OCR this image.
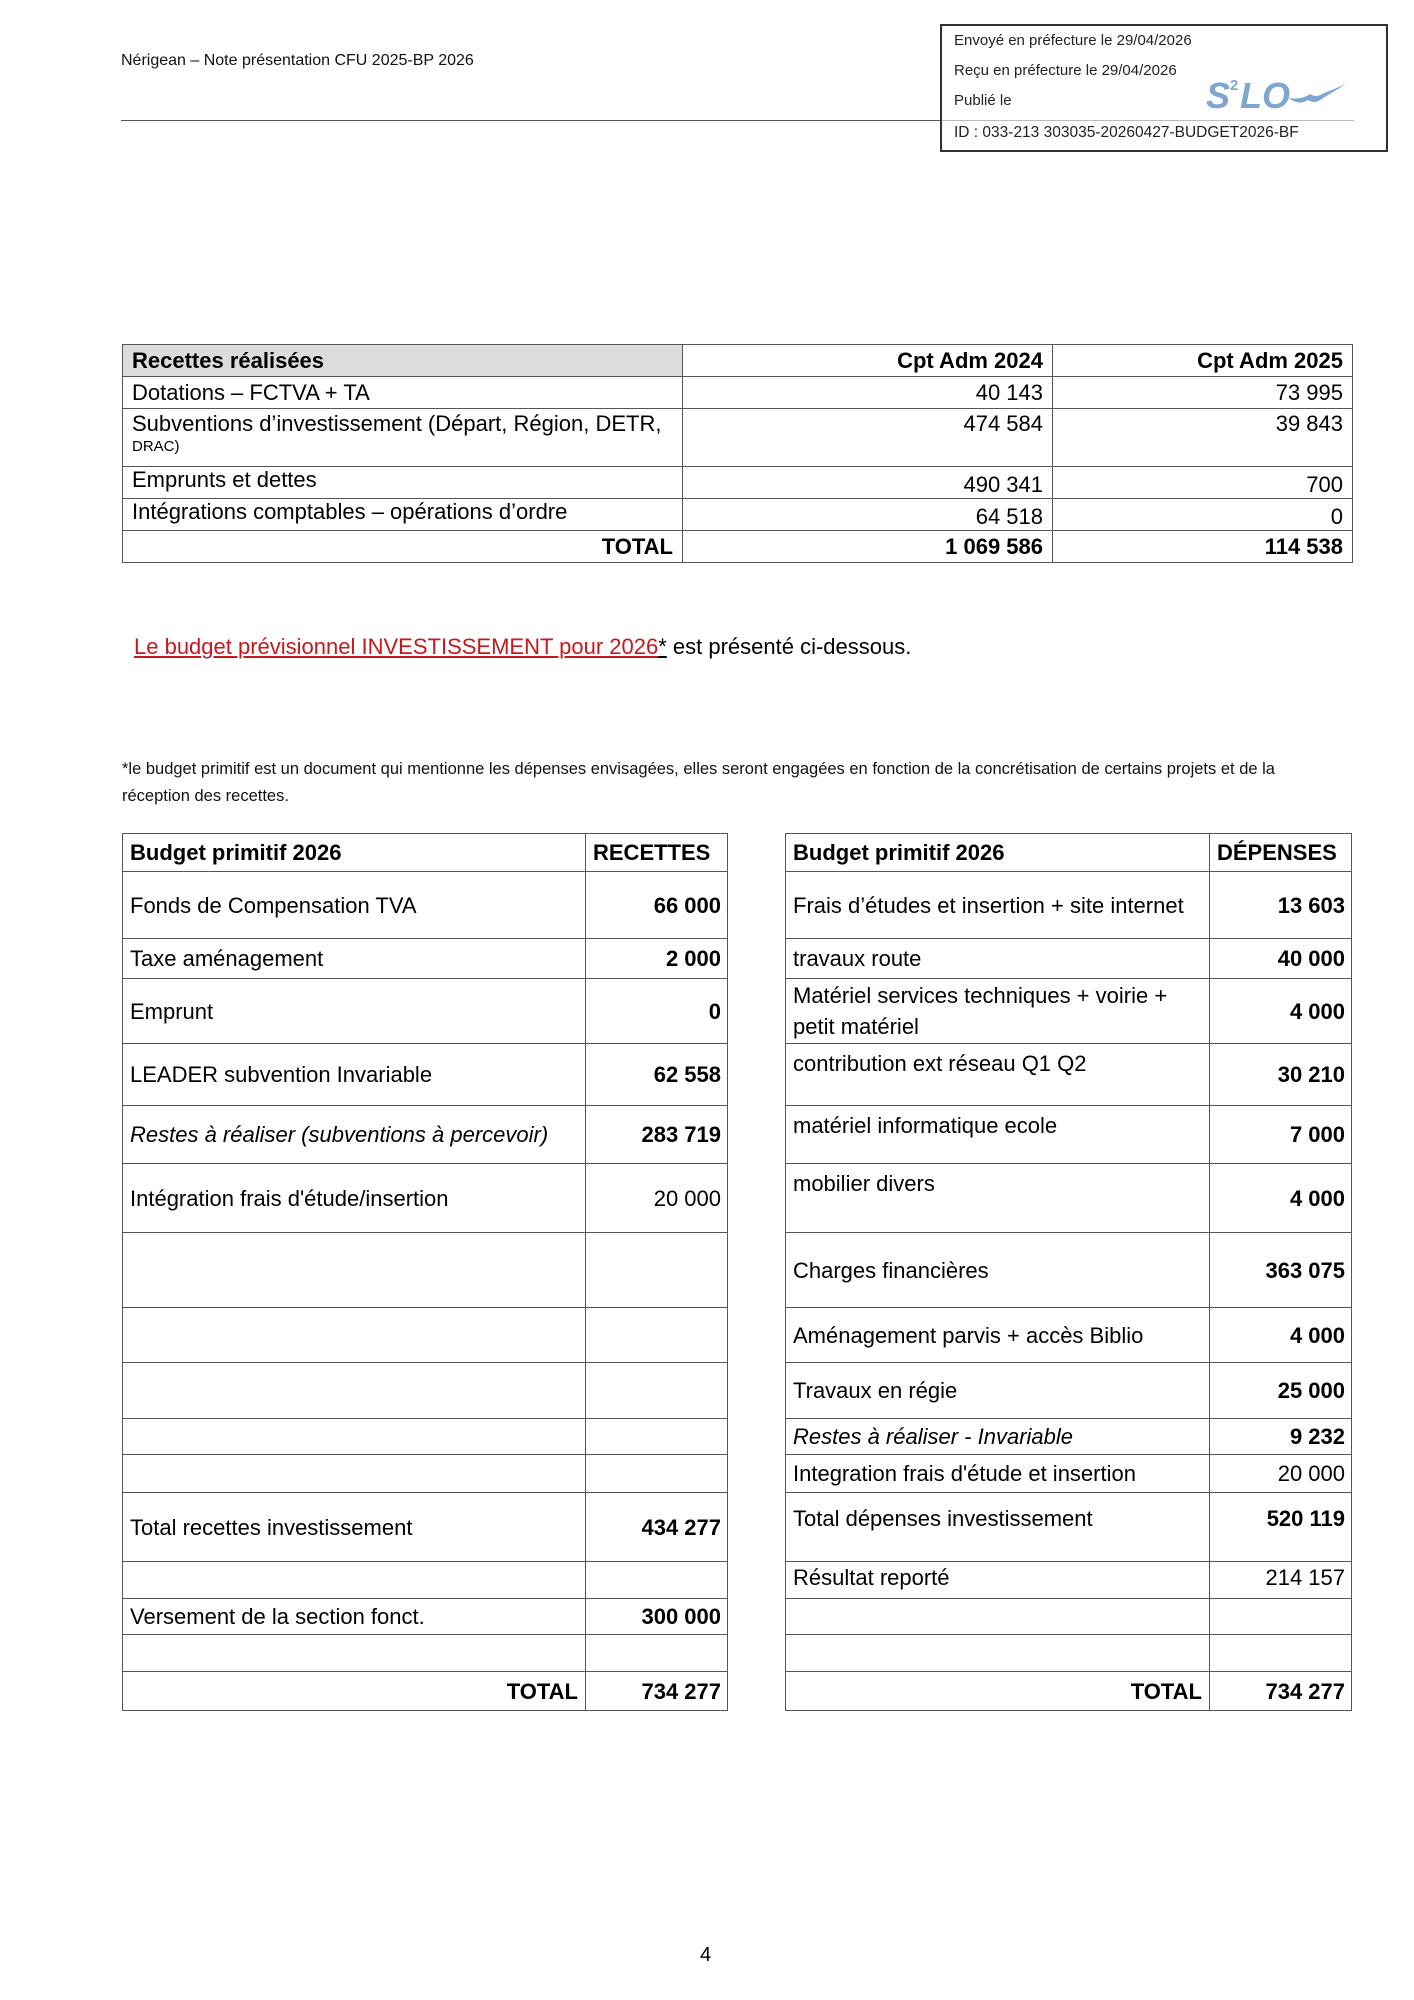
Nérigean – Note présentation CFU 2025-BP 2026
Envoyé en préfecture le 29/04/2026
Reçu en préfecture le 29/04/2026
Publié le	S 2 LO
ID : 033-213 303035-20260427-BUDGET2026-BF
Recettes réalisées	Cpt Adm 2024	Cpt Adm 2025
Dotations – FCTVA + TA	40 143	73 995
Subventions d’investissement (Départ, Région, DETR,
DRAC)	474 584	39 843
Emprunts et dettes	490 341	700
Intégrations comptables – opérations d’ordre	64 518	0
TOTAL	1 069 586	114 538
Le budget prévisionnel INVESTISSEMENT pour 2026* est présenté ci-dessous.
*le budget primitif est un document qui mentionne les dépenses envisagées, elles seront engagées en fonction de la concrétisation de certains projets et de la réception des recettes.
Budget primitif 2026	RECETTES
Fonds de Compensation TVA	66 000
Taxe aménagement	2 000
Emprunt	0
LEADER subvention Invariable	62 558
Restes à réaliser (subventions à percevoir)	283 719
Intégration frais d'étude/insertion	20 000

Total recettes investissement	434 277

Versement de la section fonct.	300 000

TOTAL	734 277
Budget primitif 2026	DÉPENSES
Frais d’études et insertion + site internet	13 603
travaux route	40 000
Matériel services techniques + voirie + petit matériel	4 000
contribution ext réseau Q1 Q2	30 210
matériel informatique ecole	7 000
mobilier divers	4 000
Charges financières	363 075
Aménagement parvis + accès Biblio	4 000
Travaux en régie	25 000
Restes à réaliser - Invariable	9 232
Integration frais d'étude et insertion	20 000
Total dépenses investissement	520 119
Résultat reporté	214 157

TOTAL	734 277
4
